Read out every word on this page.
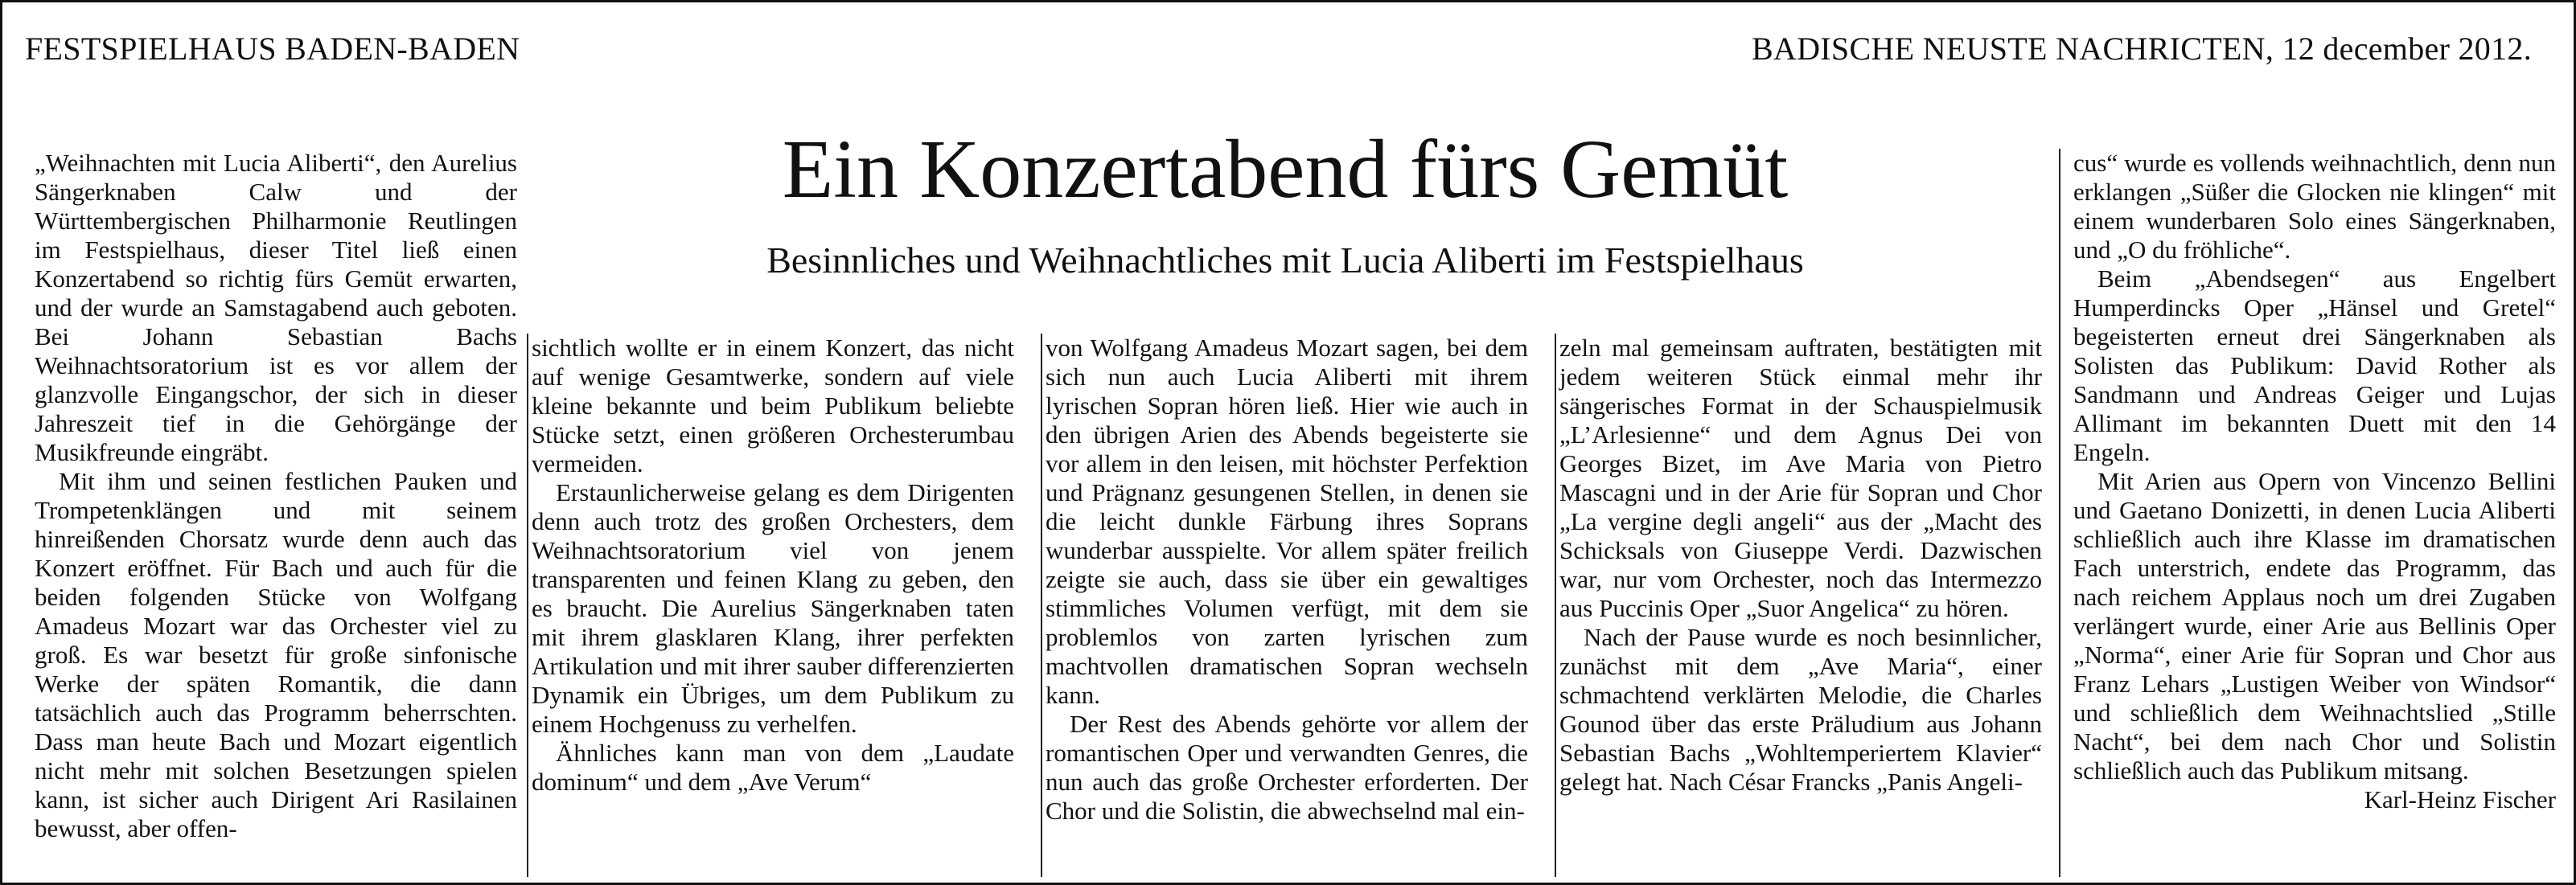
FESTSPIELHAUS BADEN-BADEN	BADISCHE NEUSTE NACHRICTEN, 12 december 2012.
Ein Konzertabend fürs Gemüt
Besinnliches und Weihnachtliches mit Lucia Aliberti im Festspielhaus

„Weihnachten mit Lucia Aliberti“, den Aurelius Sängerknaben Calw und der Württembergischen Philharmonie Reutlingen im Festspielhaus, dieser Titel ließ einen Konzertabend so richtig fürs Gemüt erwarten, und der wurde an Samstagabend auch geboten. Bei Johann Sebastian Bachs Weihnachtsoratorium ist es vor allem der glanzvolle Eingangschor, der sich in dieser Jahreszeit tief in die Gehörgänge der Musikfreunde eingräbt.

Mit ihm und seinen festlichen Pauken und Trompetenklängen und mit seinem hinreißenden Chorsatz wurde denn auch das Konzert eröffnet. Für Bach und auch für die beiden folgenden Stücke von Wolfgang Amadeus Mozart war das Orchester viel zu groß. Es war besetzt für große sinfonische Werke der späten Romantik, die dann tatsächlich auch das Programm beherrschten. Dass man heute Bach und Mozart eigentlich nicht mehr mit solchen Besetzungen spielen kann, ist sicher auch Dirigent Ari Rasilainen bewusst, aber offen-

sichtlich wollte er in einem Konzert, das nicht auf wenige Gesamtwerke, sondern auf viele kleine bekannte und beim Publikum beliebte Stücke setzt, einen größeren Orchesterumbau vermeiden.

Erstaunlicherweise gelang es dem Dirigenten denn auch trotz des großen Orchesters, dem Weihnachtsoratorium viel von jenem transparenten und feinen Klang zu geben, den es braucht. Die Aurelius Sängerknaben taten mit ihrem glasklaren Klang, ihrer perfekten Artikulation und mit ihrer sauber differenzierten Dynamik ein Übriges, um dem Publikum zu einem Hochgenuss zu verhelfen.

Ähnliches kann man von dem „Laudate dominum“ und dem „Ave Verum“

von Wolfgang Amadeus Mozart sagen, bei dem sich nun auch Lucia Aliberti mit ihrem lyrischen Sopran hören ließ. Hier wie auch in den übrigen Arien des Abends begeisterte sie vor allem in den leisen, mit höchster Perfektion und Prägnanz gesungenen Stellen, in denen sie die leicht dunkle Färbung ihres Soprans wunderbar ausspielte. Vor allem später freilich zeigte sie auch, dass sie über ein gewaltiges stimmliches Volumen verfügt, mit dem sie problemlos von zarten lyrischen zum machtvollen dramatischen Sopran wechseln kann.

Der Rest des Abends gehörte vor allem der romantischen Oper und verwandten Genres, die nun auch das große Orchester erforderten. Der Chor und die Solistin, die abwechselnd mal ein-

zeln mal gemeinsam auftraten, bestätigten mit jedem weiteren Stück einmal mehr ihr sängerisches Format in der Schauspielmusik „L’Arlesienne“ und dem Agnus Dei von Georges Bizet, im Ave Maria von Pietro Mascagni und in der Arie für Sopran und Chor „La vergine degli angeli“ aus der „Macht des Schicksals von Giuseppe Verdi. Dazwischen war, nur vom Orchester, noch das Intermezzo aus Puccinis Oper „Suor Angelica“ zu hören.

Nach der Pause wurde es noch besinnlicher, zunächst mit dem „Ave Maria“, einer schmachtend verklärten Melodie, die Charles Gounod über das erste Präludium aus Johann Sebastian Bachs „Wohltemperiertem Klavier“ gelegt hat. Nach César Francks „Panis Angeli-

cus“ wurde es vollends weihnachtlich, denn nun erklangen „Süßer die Glocken nie klingen“ mit einem wunderbaren Solo eines Sängerknaben, und „O du fröhliche“.

Beim „Abendsegen“ aus Engelbert Humperdincks Oper „Hänsel und Gretel“ begeisterten erneut drei Sängerknaben als Solisten das Publikum: David Rother als Sandmann und Andreas Geiger und Lujas Allimant im bekannten Duett mit den 14 Engeln.

Mit Arien aus Opern von Vincenzo Bellini und Gaetano Donizetti, in denen Lucia Aliberti schließlich auch ihre Klasse im dramatischen Fach unterstrich, endete das Programm, das nach reichem Applaus noch um drei Zugaben verlängert wurde, einer Arie aus Bellinis Oper „Norma“, einer Arie für Sopran und Chor aus Franz Lehars „Lustigen Weiber von Windsor“ und schließlich dem Weihnachtslied „Stille Nacht“, bei dem nach Chor und Solistin schließlich auch das Publikum mitsang.

Karl-Heinz Fischer
